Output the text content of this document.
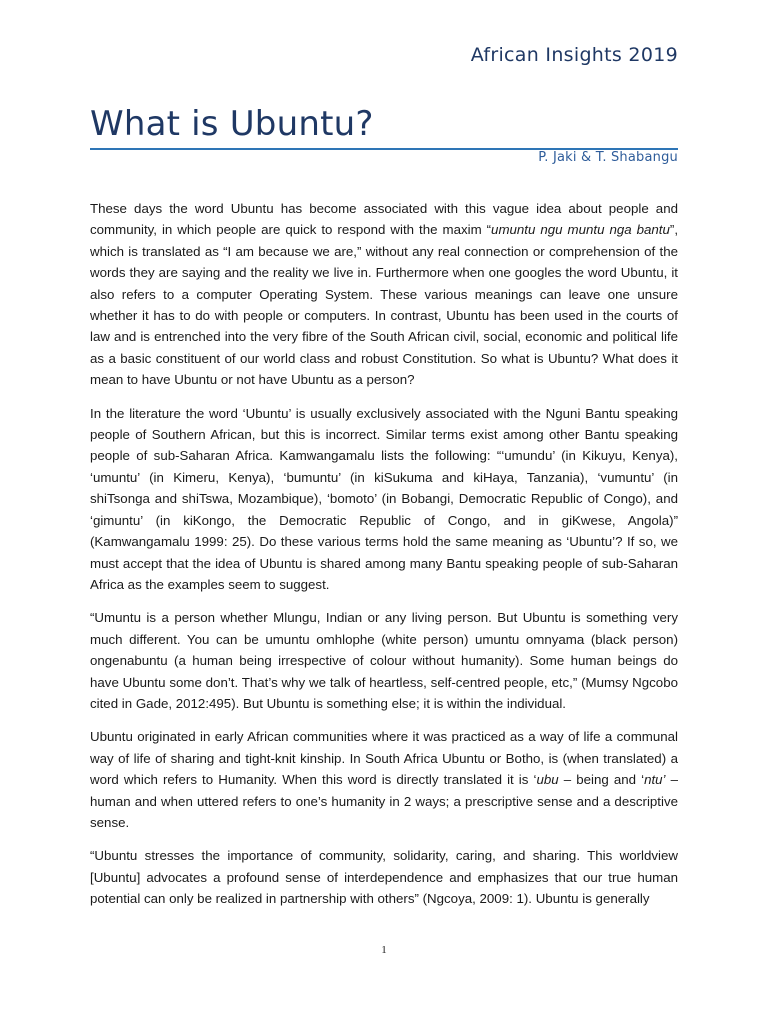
African Insights 2019
What is Ubuntu?
P. Jaki & T. Shabangu

These days the word Ubuntu has become associated with this vague idea about people and community, in which people are quick to respond with the maxim “umuntu ngu muntu nga bantu”, which is translated as “I am because we are,” without any real connection or comprehension of the words they are saying and the reality we live in. Furthermore when one googles the word Ubuntu, it also refers to a computer Operating System. These various meanings can leave one unsure whether it has to do with people or computers. In contrast, Ubuntu has been used in the courts of law and is entrenched into the very fibre of the South African civil, social, economic and political life as a basic constituent of our world class and robust Constitution. So what is Ubuntu? What does it mean to have Ubuntu or not have Ubuntu as a person?

In the literature the word ‘Ubuntu’ is usually exclusively associated with the Nguni Bantu speaking people of Southern African, but this is incorrect. Similar terms exist among other Bantu speaking people of sub-Saharan Africa. Kamwangamalu lists the following: “‘umundu’ (in Kikuyu, Kenya), ‘umuntu’ (in Kimeru, Kenya), ‘bumuntu’ (in kiSukuma and kiHaya, Tanzania), ‘vumuntu’ (in shiTsonga and shiTswa, Mozambique), ‘bomoto’ (in Bobangi, Democratic Republic of Congo), and ‘gimuntu’ (in kiKongo, the Democratic Republic of Congo, and in giKwese, Angola)” (Kamwangamalu 1999: 25). Do these various terms hold the same meaning as ‘Ubuntu’? If so, we must accept that the idea of Ubuntu is shared among many Bantu speaking people of sub-Saharan Africa as the examples seem to suggest.

“Umuntu is a person whether Mlungu, Indian or any living person. But Ubuntu is something very much different. You can be umuntu omhlophe (white person) umuntu omnyama (black person) ongenabuntu (a human being irrespective of colour without humanity). Some human beings do have Ubuntu some don’t. That’s why we talk of heartless, self-centred people, etc,” (Mumsy Ngcobo cited in Gade, 2012:495). But Ubuntu is something else; it is within the individual.

Ubuntu originated in early African communities where it was practiced as a way of life a communal way of life of sharing and tight-knit kinship. In South Africa Ubuntu or Botho, is (when translated) a word which refers to Humanity. When this word is directly translated it is ‘ubu – being and ‘ntu’ – human and when uttered refers to one’s humanity in 2 ways; a prescriptive sense and a descriptive sense.

“Ubuntu stresses the importance of community, solidarity, caring, and sharing. This worldview [Ubuntu] advocates a profound sense of interdependence and emphasizes that our true human potential can only be realized in partnership with others” (Ngcoya, 2009: 1). Ubuntu is generally

1
